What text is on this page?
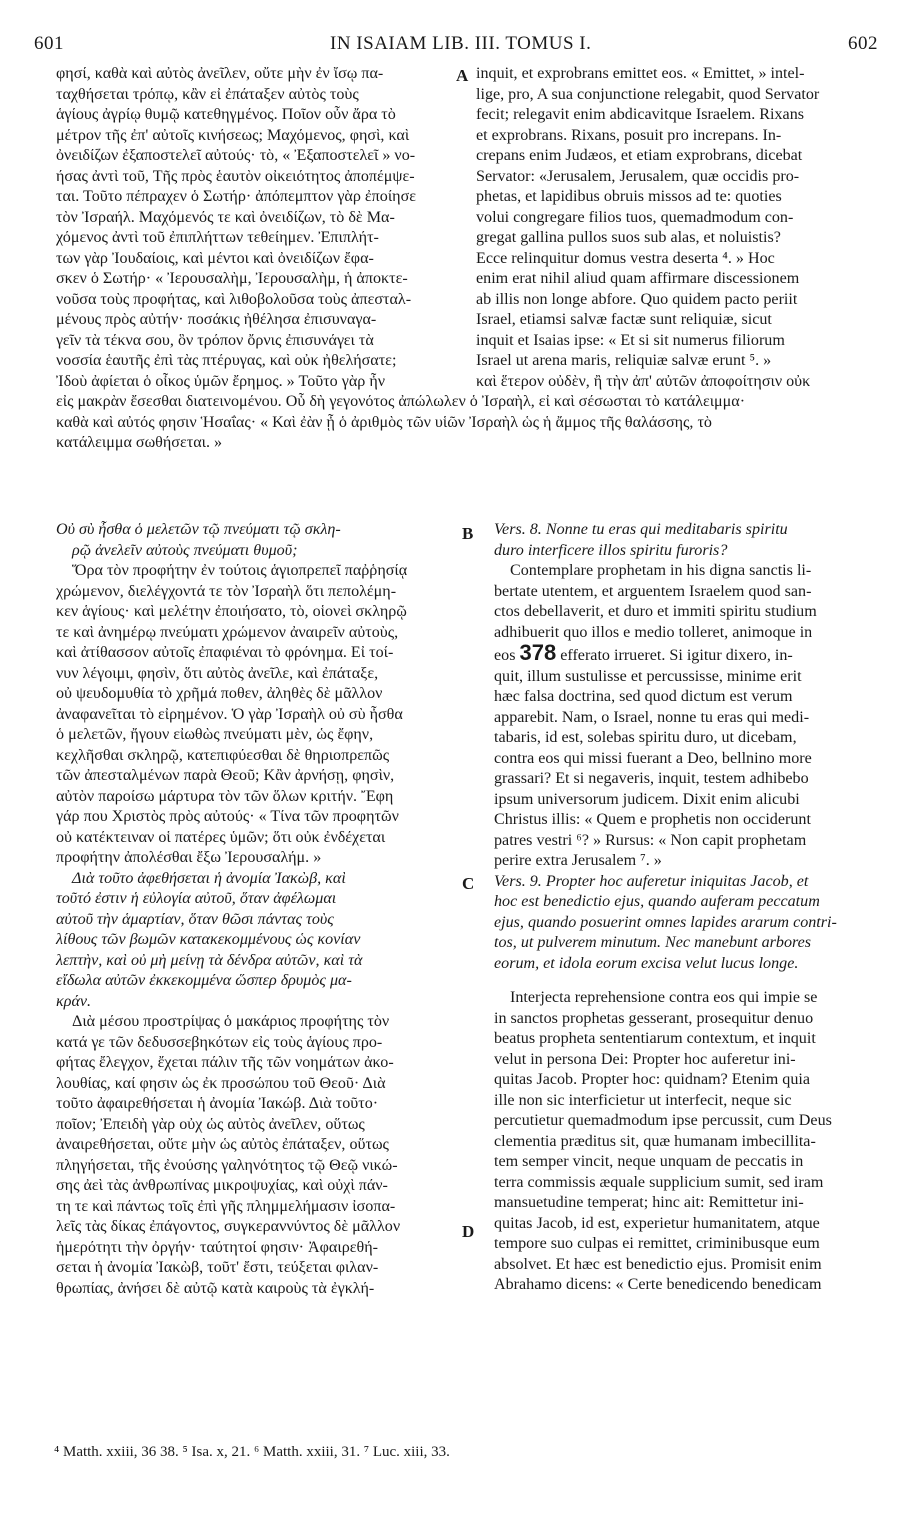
601	IN ISAIAM LIB. III. TOMUS I.	602

φησί, καθὰ καὶ αὐτὸς ἀνεῖλεν, οὔτε μὴν ἐν ἴσῳ πα-

ταχθήσεται τρόπῳ, κἂν εἰ ἐπάταξεν αὐτὸς τοὺς

ἁγίους ἀγρίῳ θυμῷ κατεθηγμένος. Ποῖον οὖν ἄρα τὸ

μέτρον τῆς ἐπ' αὐτοῖς κινήσεως; Μαχόμενος, φησὶ, καὶ

ὀνειδίζων ἐξαποστελεῖ αὐτούς· τὸ, « Ἐξαποστελεῖ » νο-

ήσας ἀντὶ τοῦ, Τῆς πρὸς ἑαυτὸν οἰκειότητος ἀποπέμψε-

ται. Τοῦτο πέπραχεν ὁ Σωτήρ· ἀπόπεμπτον γὰρ ἐποίησε

τὸν Ἰσραήλ. Μαχόμενός τε καὶ ὀνειδίζων, τὸ δὲ Μα-

χόμενος ἀντὶ τοῦ ἐπιπλήττων τεθείημεν. Ἐπιπλήτ-

των γὰρ Ἰουδαίοις, καὶ μέντοι καὶ ὀνειδίζων ἔφα-

σκεν ὁ Σωτήρ· « Ἰερουσαλὴμ, Ἰερουσαλὴμ, ἡ ἀποκτε-

νοῦσα τοὺς προφήτας, καὶ λιθοβολοῦσα τοὺς ἀπεσταλ-

μένους πρὸς αὐτήν· ποσάκις ἠθέλησα ἐπισυναγα-

γεῖν τὰ τέκνα σου, ὃν τρόπον ὄρνις ἐπισυνάγει τὰ

νοσσία ἑαυτῆς ἐπὶ τὰς πτέρυγας, καὶ οὐκ ἠθελήσατε;

Ἰδοὺ ἀφίεται ὁ οἶκος ὑμῶν ἔρημος. » Τοῦτο γὰρ ἦν

A inquit, et exprobrans emittet eos. « Emittet, » intel-

lige, pro, A sua conjunctione relegabit, quod Servator

fecit; relegavit enim abdicavitque Israelem. Rixans

et exprobrans. Rixans, posuit pro increpans. In-

crepans enim Judæos, et etiam exprobrans, dicebat

Servator: «Jerusalem, Jerusalem, quæ occidis pro-

phetas, et lapidibus obruis missos ad te: quoties

volui congregare filios tuos, quemadmodum con-

gregat gallina pullos suos sub alas, et noluistis?

Ecce relinquitur domus vestra deserta ⁴. » Hoc

enim erat nihil aliud quam affirmare discessionem

ab illis non longe abfore. Quo quidem pacto periit

Israel, etiamsi salvæ factæ sunt reliquiæ, sicut

inquit et Isaias ipse: « Et si sit numerus filiorum

Israel ut arena maris, reliquiæ salvæ erunt ⁵. »

καὶ ἕτερον οὐδὲν, ἢ τὴν ἀπ' αὐτῶν ἀποφοίτησιν οὐκ

εἰς μακρὰν ἔσεσθαι διατεινομένου. Οὗ δὴ γεγονότος ἀπώλωλεν ὁ Ἰσραὴλ, εἰ καὶ σέσωσται τὸ κατάλειμμα·

καθὰ καὶ αὐτός φησιν Ἡσαΐας· « Καὶ ἐὰν ᾖ ὁ ἀριθμὸς τῶν υἱῶν Ἰσραὴλ ὡς ἡ ἄμμος τῆς θαλάσσης, τὸ

κατάλειμμα σωθήσεται. »

Οὐ σὺ ἦσθα ὁ μελετῶν τῷ πνεύματι τῷ σκλη-

ρῷ ἀνελεῖν αὐτοὺς πνεύματι θυμοῦ;

Ὅρα τὸν προφήτην ἐν τούτοις ἁγιοπρεπεῖ παῤῥησίᾳ

χρώμενον, διελέγχοντά τε τὸν Ἰσραὴλ ὅτι πεπολέμη-

κεν ἁγίους· καὶ μελέτην ἐποιήσατο, τὸ, οἱονεὶ σκληρῷ

τε καὶ ἀνημέρῳ πνεύματι χρώμενον ἀναιρεῖν αὐτοὺς,

καὶ ἀτίθασσον αὐτοῖς ἐπαφιέναι τὸ φρόνημα. Εἰ τοί-

νυν λέγοιμι, φησὶν, ὅτι αὐτὸς ἀνεῖλε, καὶ ἐπάταξε,

οὐ ψευδομυθία τὸ χρῆμά ποθεν, ἀληθὲς δὲ μᾶλλον

ἀναφανεῖται τὸ εἰρημένον. Ὁ γὰρ Ἰσραὴλ οὐ σὺ ἦσθα

ὁ μελετῶν, ἤγουν εἰωθὼς πνεύματι μὲν, ὡς ἔφην,

κεχλῆσθαι σκληρῷ, κατεπιφύεσθαι δὲ θηριοπρεπῶς

τῶν ἀπεσταλμένων παρὰ Θεοῦ; Κἂν ἀρνήσῃ, φησὶν,

αὐτὸν παροίσω μάρτυρα τὸν τῶν ὅλων κριτήν. Ἔφη

γάρ που Χριστὸς πρὸς αὐτούς· « Τίνα τῶν προφητῶν

οὐ κατέκτειναν οἱ πατέρες ὑμῶν; ὅτι οὐκ ἐνδέχεται

προφήτην ἀπολέσθαι ἔξω Ἰερουσαλήμ. »

Διὰ τοῦτο ἀφεθήσεται ἡ ἀνομία Ἰακὼβ, καὶ

τοῦτό ἐστιν ἡ εὐλογία αὐτοῦ, ὅταν ἀφέλωμαι

αὐτοῦ τὴν ἁμαρτίαν, ὅταν θῶσι πάντας τοὺς

λίθους τῶν βωμῶν κατακεκομμένους ὡς κονίαν

λεπτὴν, καὶ οὐ μὴ μείνῃ τὰ δένδρα αὐτῶν, καὶ τὰ

εἴδωλα αὐτῶν ἐκκεκομμένα ὥσπερ δρυμὸς μα-

κράν.

Διὰ μέσου προστρίψας ὁ μακάριος προφήτης τὸν

κατά γε τῶν δεδυσσεβηκότων εἰς τοὺς ἁγίους προ-

φήτας ἔλεγχον, ἔχεται πάλιν τῆς τῶν νοημάτων ἀκο-

λουθίας, καί φησιν ὡς ἐκ προσώπου τοῦ Θεοῦ· Διὰ

τοῦτο ἀφαιρεθήσεται ἡ ἀνομία Ἰακώβ. Διὰ τοῦτο·

ποῖον; Ἐπειδὴ γὰρ οὐχ ὡς αὐτὸς ἀνεῖλεν, οὕτως

ἀναιρεθήσεται, οὔτε μὴν ὡς αὐτὸς ἐπάταξεν, οὕτως

πληγήσεται, τῆς ἐνούσης γαληνότητος τῷ Θεῷ νικώ-

σης ἀεὶ τὰς ἀνθρωπίνας μικροψυχίας, καὶ οὐχὶ πάν-

τη τε καὶ πάντως τοῖς ἐπὶ γῆς πλημμελήμασιν ἰσοπα-

λεῖς τὰς δίκας ἐπάγοντος, συγκεραννύντος δὲ μᾶλλον

ἡμερότητι τὴν ὀργήν· ταύτητοί φησιν· Ἀφαιρεθή-

σεται ἡ ἀνομία Ἰακὼβ, τοῦτ' ἔστι, τεύξεται φιλαν-

θρωπίας, ἀνήσει δὲ αὐτῷ κατὰ καιροὺς τὰ ἐγκλή-

B
C
D

Vers. 8. Nonne tu eras qui meditabaris spiritu

duro interficere illos spiritu furoris?

Contemplare prophetam in his digna sanctis li-

bertate utentem, et arguentem Israelem quod san-

ctos debellaverit, et duro et immiti spiritu studium

adhibuerit quo illos e medio tolleret, animoque in

eos 378 efferato irrueret. Si igitur dixero, in-

quit, illum sustulisse et percussisse, minime erit

hæc falsa doctrina, sed quod dictum est verum

apparebit. Nam, o Israel, nonne tu eras qui medi-

tabaris, id est, solebas spiritu duro, ut dicebam,

contra eos qui missi fuerant a Deo, bellnino more

grassari? Et si negaveris, inquit, testem adhibebo

ipsum universorum judicem. Dixit enim alicubi

Christus illis: « Quem e prophetis non occiderunt

patres vestri ⁶? » Rursus: « Non capit prophetam

perire extra Jerusalem ⁷. »

Vers. 9. Propter hoc auferetur iniquitas Jacob, et

hoc est benedictio ejus, quando auferam peccatum

ejus, quando posuerint omnes lapides ararum contri-

tos, ut pulverem minutum. Nec manebunt arbores

eorum, et idola eorum excisa velut lucus longe.

Interjecta reprehensione contra eos qui impie se

in sanctos prophetas gesserant, prosequitur denuo

beatus propheta sententiarum contextum, et inquit

velut in persona Dei: Propter hoc auferetur ini-

quitas Jacob. Propter hoc: quidnam? Etenim quia

ille non sic interficietur ut interfecit, neque sic

percutietur quemadmodum ipse percussit, cum Deus

clementia præditus sit, quæ humanam imbecillita-

tem semper vincit, neque unquam de peccatis in

terra commissis æquale supplicium sumit, sed iram

mansuetudine temperat; hinc ait: Remittetur ini-

quitas Jacob, id est, experietur humanitatem, atque

tempore suo culpas ei remittet, criminibusque eum

absolvet. Et hæc est benedictio ejus. Promisit enim

Abrahamo dicens: « Certe benedicendo benedicam

⁴ Matth. xxiii, 36 38. ⁵ Isa. x, 21. ⁶ Matth. xxiii, 31. ⁷ Luc. xiii, 33.
